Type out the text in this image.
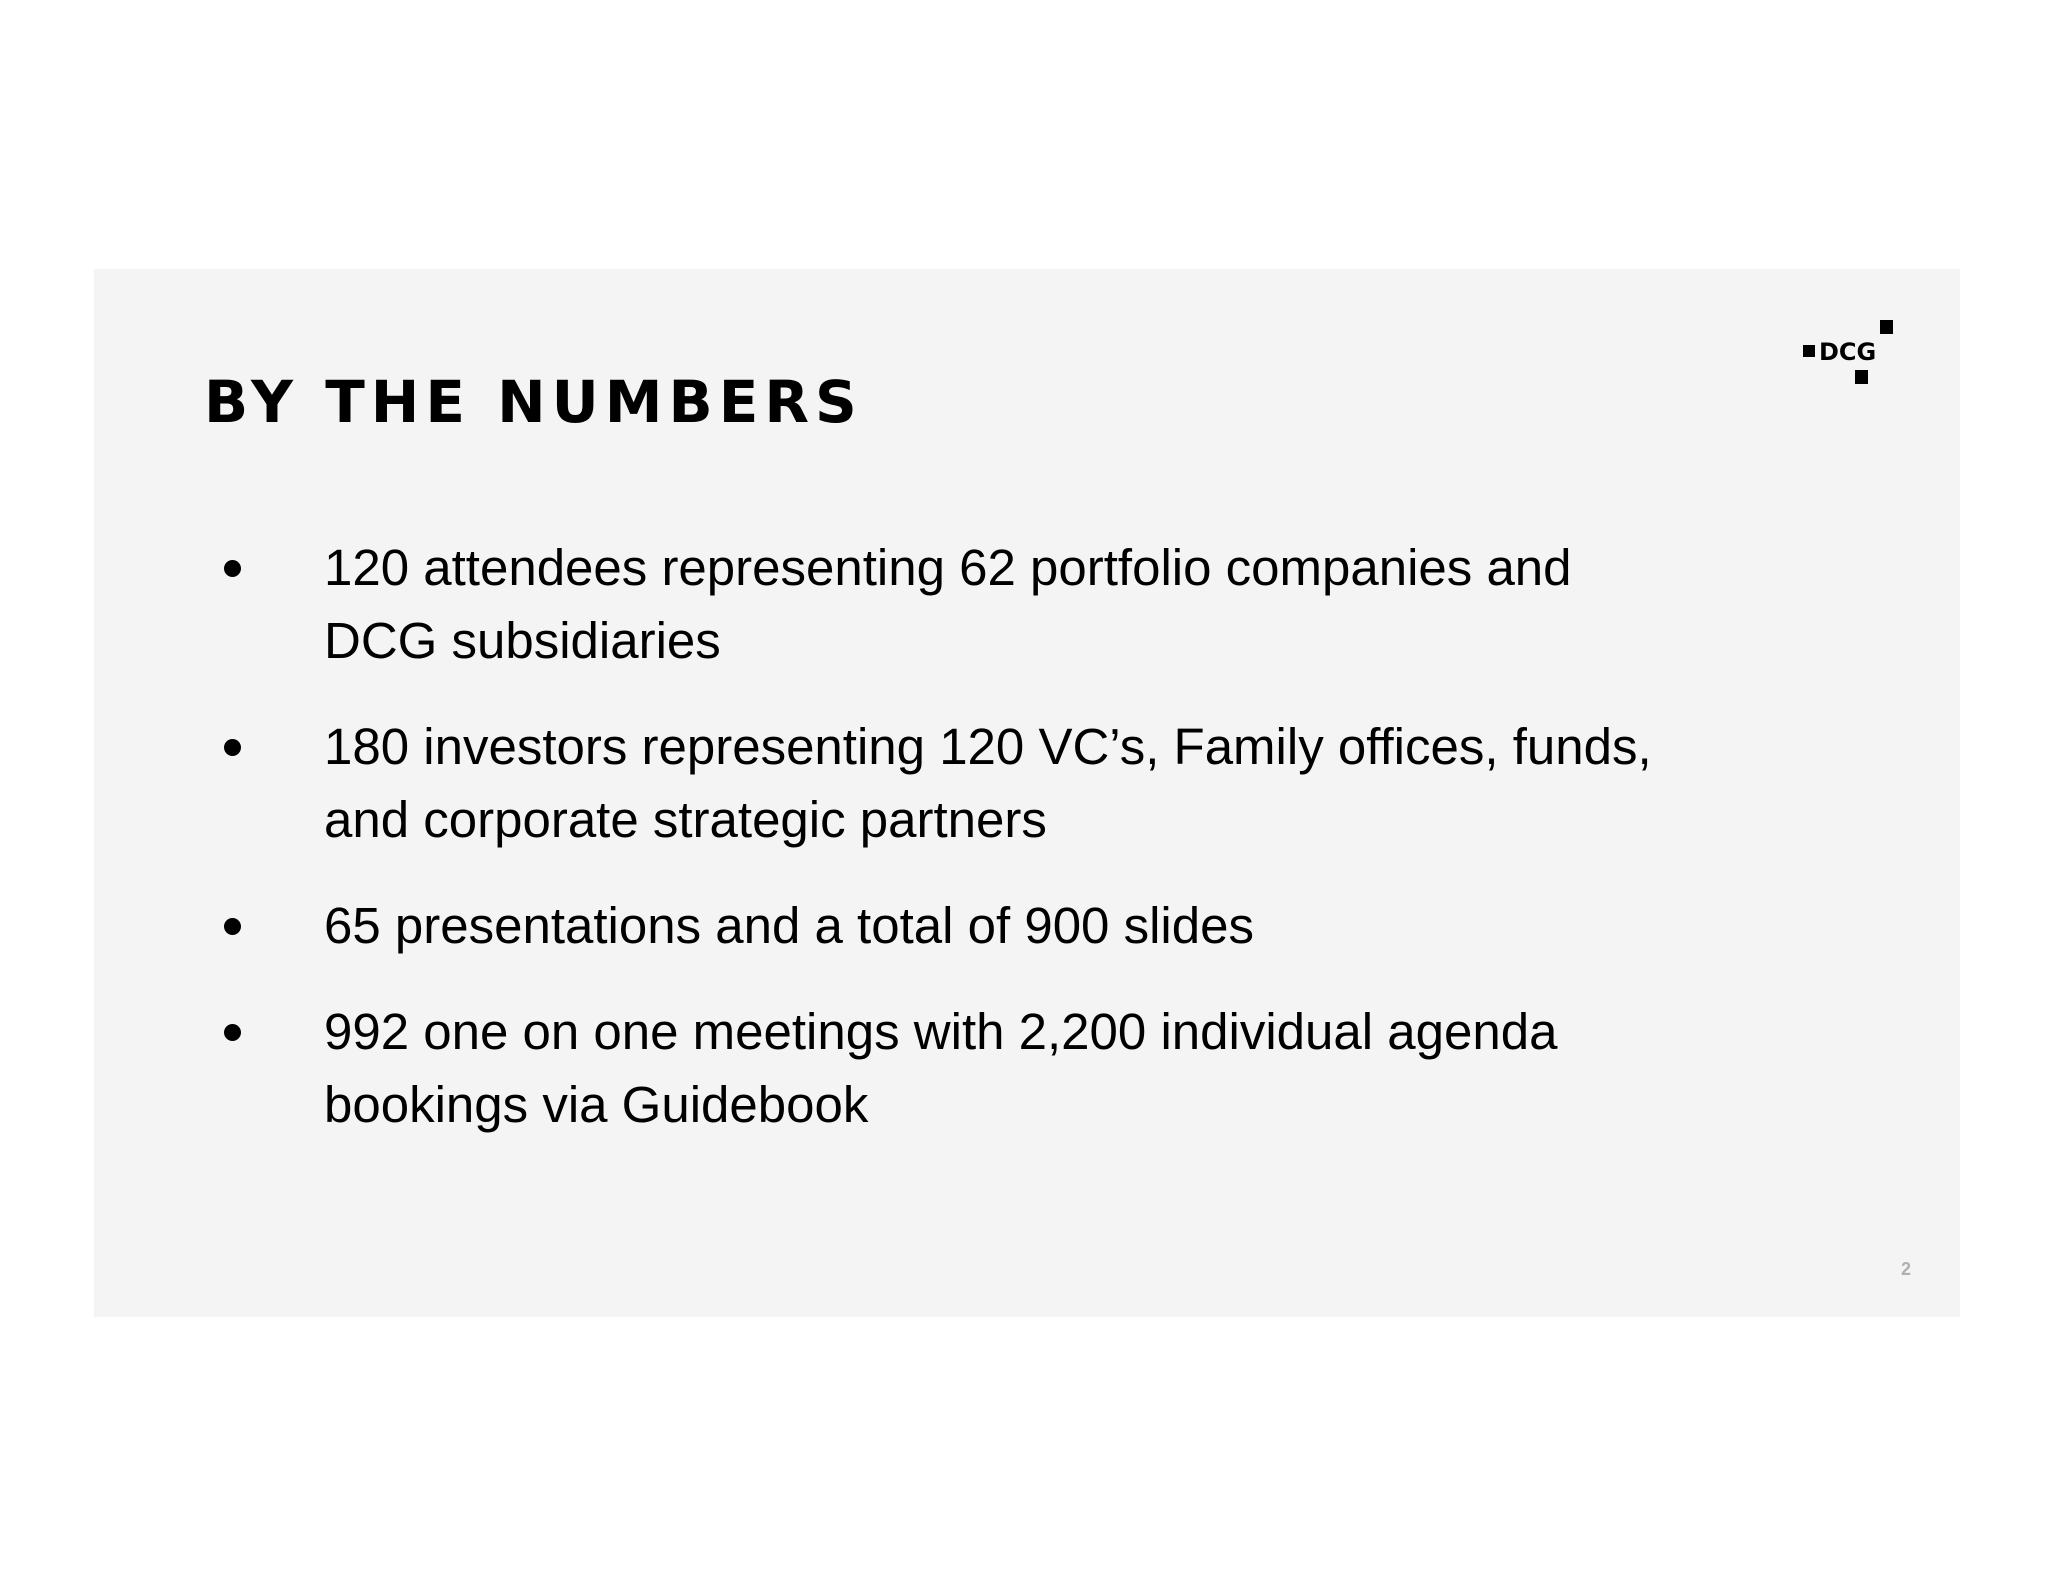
BY THE NUMBERS
DCG
120 attendees representing 62 portfolio companies and
DCG subsidiaries
180 investors representing 120 VC’s, Family offices, funds,
and corporate strategic partners
65 presentations and a total of 900 slides
992 one on one meetings with 2,200 individual agenda
bookings via Guidebook
2
